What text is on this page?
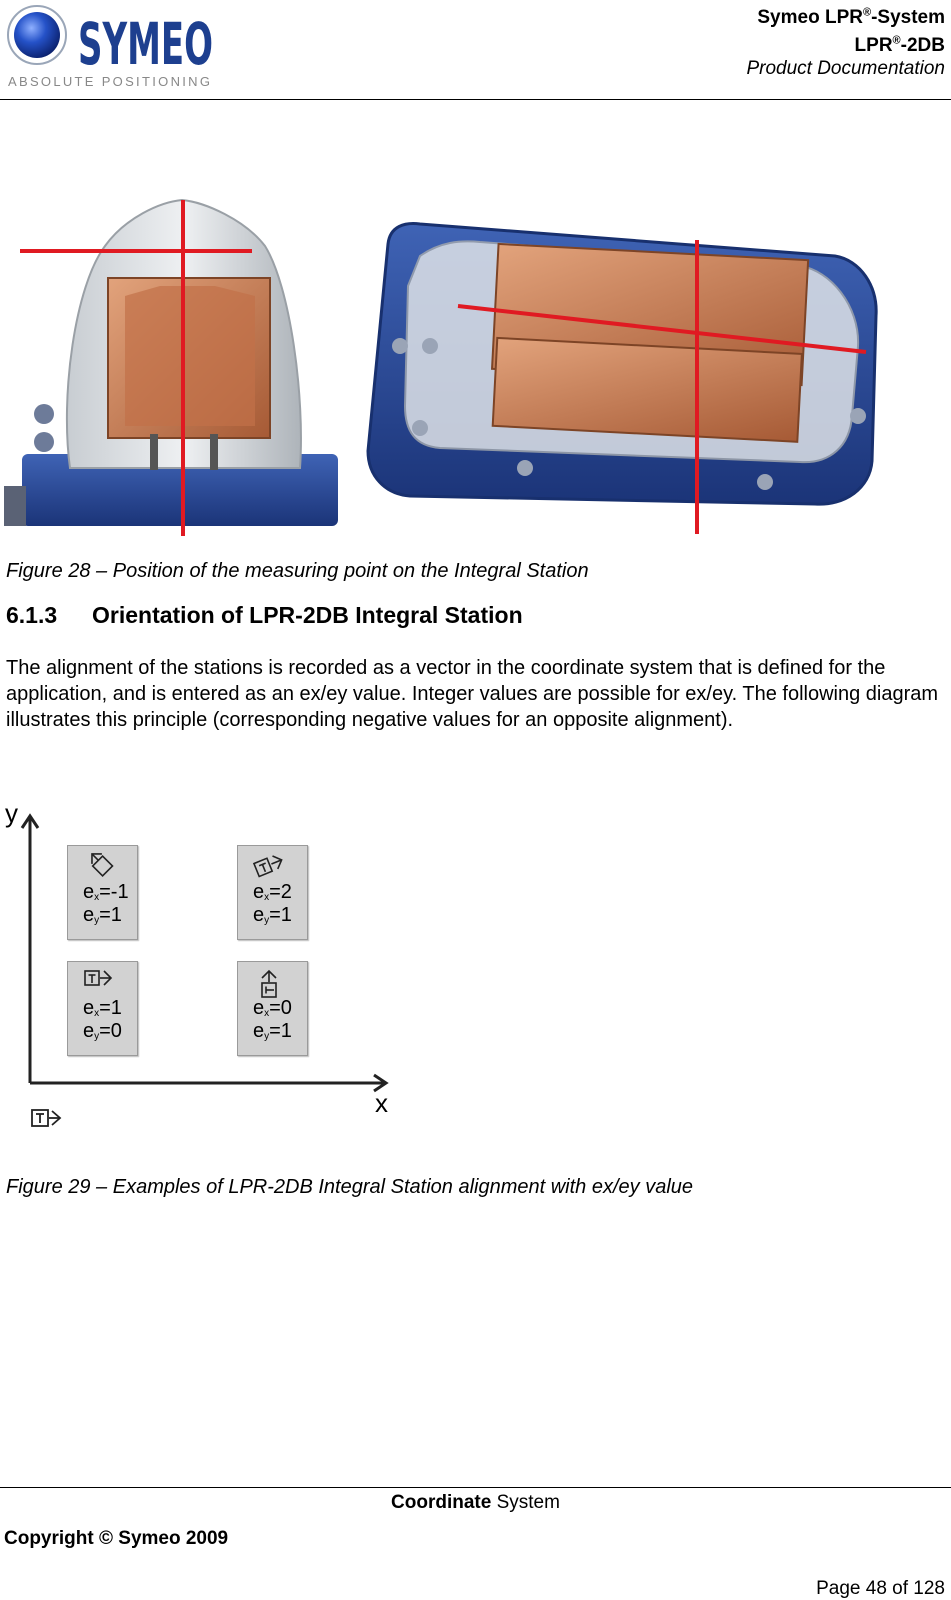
SYMEO
ABSOLUTE POSITIONING
Symeo LPR®-System
LPR®-2DB
Product Documentation
Figure 28 – Position of the measuring point on the Integral Station
6.1.3 Orientation of LPR-2DB Integral Station
The alignment of the stations is recorded as a vector in the coordinate system that is defined for the application, and is entered as an ex/ey value. Integer values are possible for ex/ey. The following diagram illustrates this principle (corresponding negative values for an opposite alignment).
y
x
$e_x=-1$
$e_y=1$
$e_x=2$
$e_y=1$
$e_x=1$
$e_y=0$
$e_x=0$
$e_y=1$
Figure 29 – Examples of LPR-2DB Integral Station alignment with ex/ey value
Coordinate System
Copyright © Symeo 2009
Page 48 of 128
